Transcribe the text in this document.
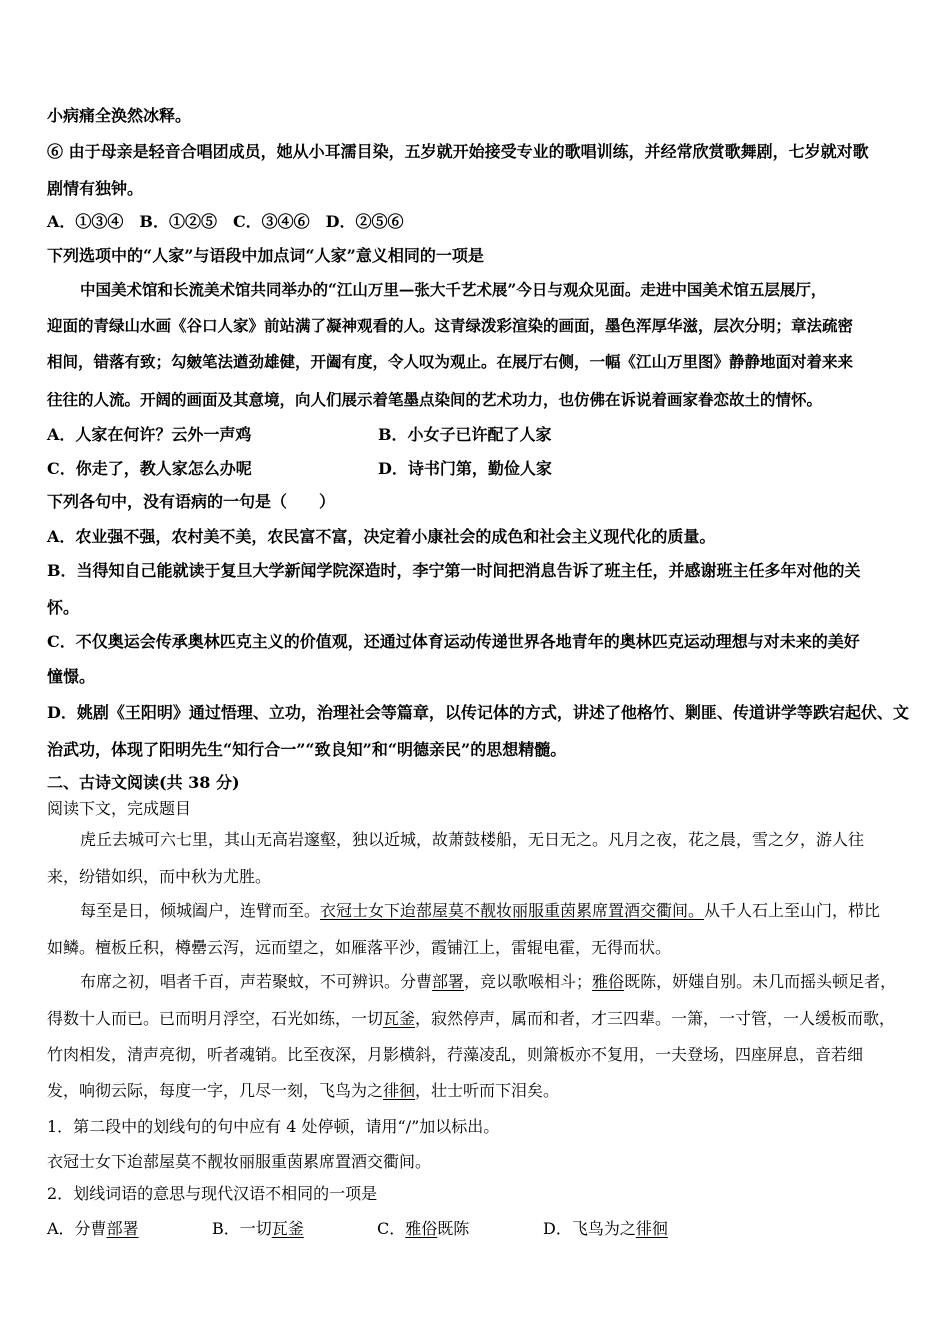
小病痛全涣然冰释。
⑥ 由于母亲是轻音合唱团成员，她从小耳濡目染，五岁就开始接受专业的歌唱训练，并经常欣赏歌舞剧，七岁就对歌
剧情有独钟。
A．①③④　B．①②⑤　C．③④⑥　D．②⑤⑥
下列选项中的“人家”与语段中加点词“人家”意义相同的一项是
中国美术馆和长流美术馆共同举办的“江山万里—张大千艺术展”今日与观众见面。走进中国美术馆五层展厅，
迎面的青绿山水画《谷口人家》前站满了凝神观看的人。这青绿泼彩渲染的画面，墨色浑厚华滋，层次分明；章法疏密
相间，错落有致；勾皴笔法遒劲雄健，开阖有度，令人叹为观止。在展厅右侧，一幅《江山万里图》静静地面对着来来
往往的人流。开阔的画面及其意境，向人们展示着笔墨点染间的艺术功力，也仿佛在诉说着画家眷恋故土的情怀。
A．人家在何许？云外一声鸡	B．小女子已许配了人家
C．你走了，教人家怎么办呢	D．诗书门第，勤俭人家
下列各句中，没有语病的一句是（　　）
A．农业强不强，农村美不美，农民富不富，决定着小康社会的成色和社会主义现代化的质量。
B．当得知自己能就读于复旦大学新闻学院深造时，李宁第一时间把消息告诉了班主任，并感谢班主任多年对他的关
怀。
C．不仅奥运会传承奥林匹克主义的价值观，还通过体育运动传递世界各地青年的奥林匹克运动理想与对未来的美好
憧憬。
D．姚剧《王阳明》通过悟理、立功，治理社会等篇章，以传记体的方式，讲述了他格竹、剿匪、传道讲学等跌宕起伏、文
治武功，体现了阳明先生“知行合一”“致良知”和“明德亲民”的思想精髓。
二、古诗文阅读(共 38 分)
阅读下文，完成题目
虎丘去城可六七里，其山无高岩邃壑，独以近城，故萧鼓楼船，无日无之。凡月之夜，花之晨，雪之夕，游人往
来，纷错如织，而中秋为尤胜。
每至是日，倾城阖户，连臂而至。衣冠士女下迨蔀屋莫不靓妆丽服重茵累席置酒交衢间。从千人石上至山门，栉比
如鳞。檀板丘积，樽罍云泻，远而望之，如雁落平沙，霞铺江上，雷辊电霍，无得而状。
布席之初，唱者千百，声若聚蚊，不可辨识。分曹部署，竞以歌喉相斗；雅俗既陈，妍媸自别。未几而摇头顿足者，
得数十人而已。已而明月浮空，石光如练，一切瓦釜，寂然停声，属而和者，才三四辈。一箫，一寸管，一人缓板而歌，
竹肉相发，清声亮彻，听者魂销。比至夜深，月影横斜，荇藻凌乱，则箫板亦不复用，一夫登场，四座屏息，音若细
发，响彻云际，每度一字，几尽一刻，飞鸟为之徘徊，壮士听而下泪矣。
1．第二段中的划线句的句中应有 4 处停顿，请用“/”加以标出。
衣冠士女下迨蔀屋莫不靓妆丽服重茵累席置酒交衢间。
2．划线词语的意思与现代汉语不相同的一项是
A．分曹部署	B．一切瓦釜	C．雅俗既陈	D．飞鸟为之徘徊
